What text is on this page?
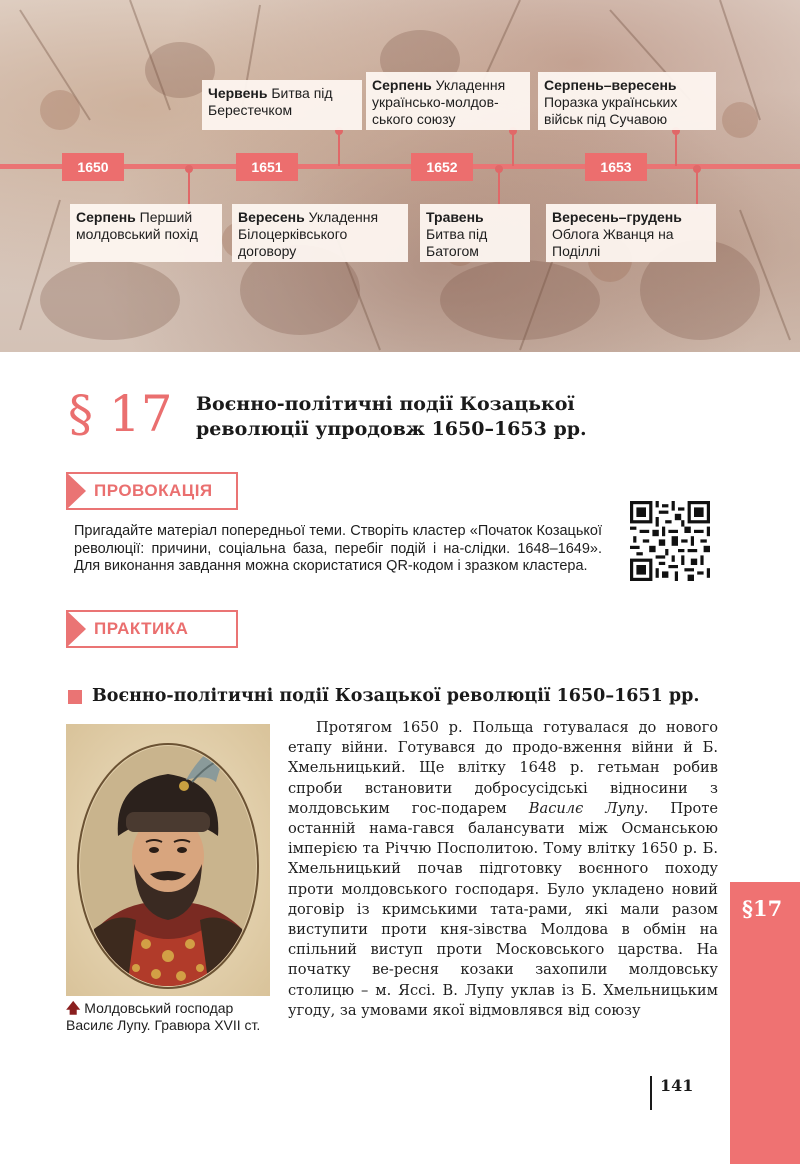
1650	1651	1652	1653
Червень Битва під Берестечком
Серпень Укладення українсько-молдов-ського союзу
Серпень–вересень Поразка українських військ під Сучавою
Серпень Перший молдовський похід
Вересень Укладення Білоцерківського договору
Травень Битва під Батогом
Вересень–грудень Облога Жванця на Поділлі
§ 17 Воєнно-політичні події Козацької революції упродовж 1650–1653 рр.
ПРОВОКАЦІЯ
Пригадайте матеріал попередньої теми. Створіть кластер «Початок Козацької революції: причини, соціальна база, перебіг подій і на-слідки. 1648–1649». Для виконання завдання можна скористатися QR-кодом і зразком кластера.
ПРАКТИКА
Воєнно-політичні події Козацької революції 1650–1651 рр.
🡅 Молдовський господар Василє Лупу. Гравюра XVII ст.
Протягом 1650 р. Польща готувалася до нового етапу війни. Готувався до продо-вження війни й Б. Хмельницький. Ще влітку 1648 р. гетьман робив спроби встановити добросусідські відносини з молдовським гос-подарем Василє Лупу. Проте останній нама-гався балансувати між Османською імперією та Річчю Посполитою. Тому влітку 1650 р. Б. Хмельницький почав підготовку воєнного походу проти молдовського господаря. Було укладено новий договір із кримськими тата-рами, які мали разом виступити проти кня-зівства Молдова в обмін на спільний виступ проти Московського царства. На початку ве-ресня козаки захопили молдовську столицю – м. Яссі. В. Лупу уклав із Б. Хмельницьким угоду, за умовами якої відмовлявся від союзу
§17
141
